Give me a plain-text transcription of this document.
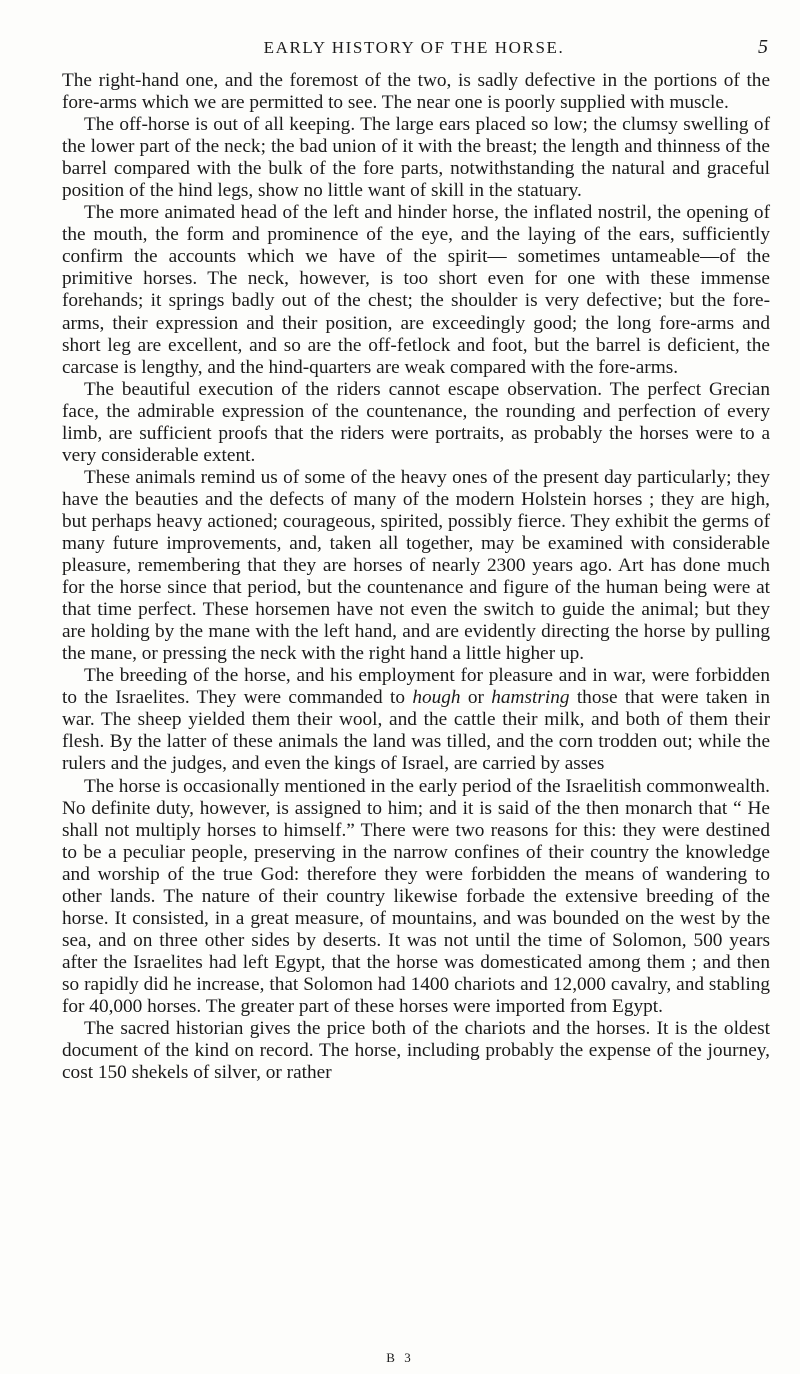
EARLY HISTORY OF THE HORSE.	5

The right-hand one, and the foremost of the two, is sadly defective in the portions of the fore-arms which we are permitted to see. The near one is poorly supplied with muscle.

The off-horse is out of all keeping. The large ears placed so low; the clumsy swelling of the lower part of the neck; the bad union of it with the breast; the length and thinness of the barrel compared with the bulk of the fore parts, notwithstanding the natural and graceful position of the hind legs, show no little want of skill in the statuary.

The more animated head of the left and hinder horse, the inflated nostril, the opening of the mouth, the form and prominence of the eye, and the laying of the ears, sufficiently confirm the accounts which we have of the spirit— sometimes untameable—of the primitive horses. The neck, however, is too short even for one with these immense forehands; it springs badly out of the chest; the shoulder is very defective; but the fore-arms, their expression and their position, are exceedingly good; the long fore-arms and short leg are excellent, and so are the off-fetlock and foot, but the barrel is deficient, the carcase is lengthy, and the hind-quarters are weak compared with the fore-arms.

The beautiful execution of the riders cannot escape observation. The perfect Grecian face, the admirable expression of the countenance, the rounding and perfection of every limb, are sufficient proofs that the riders were portraits, as probably the horses were to a very considerable extent.

These animals remind us of some of the heavy ones of the present day particularly; they have the beauties and the defects of many of the modern Holstein horses ; they are high, but perhaps heavy actioned; courageous, spirited, possibly fierce. They exhibit the germs of many future improvements, and, taken all together, may be examined with considerable pleasure, remembering that they are horses of nearly 2300 years ago. Art has done much for the horse since that period, but the countenance and figure of the human being were at that time perfect. These horsemen have not even the switch to guide the animal; but they are holding by the mane with the left hand, and are evidently directing the horse by pulling the mane, or pressing the neck with the right hand a little higher up.

The breeding of the horse, and his employment for pleasure and in war, were forbidden to the Israelites. They were commanded to hough or hamstring those that were taken in war. The sheep yielded them their wool, and the cattle their milk, and both of them their flesh. By the latter of these animals the land was tilled, and the corn trodden out; while the rulers and the judges, and even the kings of Israel, are carried by asses

The horse is occasionally mentioned in the early period of the Israelitish commonwealth. No definite duty, however, is assigned to him; and it is said of the then monarch that “ He shall not multiply horses to himself.” There were two reasons for this: they were destined to be a peculiar people, preserving in the narrow confines of their country the knowledge and worship of the true God: therefore they were forbidden the means of wandering to other lands. The nature of their country likewise forbade the extensive breeding of the horse. It consisted, in a great measure, of mountains, and was bounded on the west by the sea, and on three other sides by deserts. It was not until the time of Solomon, 500 years after the Israelites had left Egypt, that the horse was domesticated among them ; and then so rapidly did he increase, that Solomon had 1400 chariots and 12,000 cavalry, and stabling for 40,000 horses. The greater part of these horses were imported from Egypt.

The sacred historian gives the price both of the chariots and the horses. It is the oldest document of the kind on record. The horse, including probably the expense of the journey, cost 150 shekels of silver, or rather

B 3
